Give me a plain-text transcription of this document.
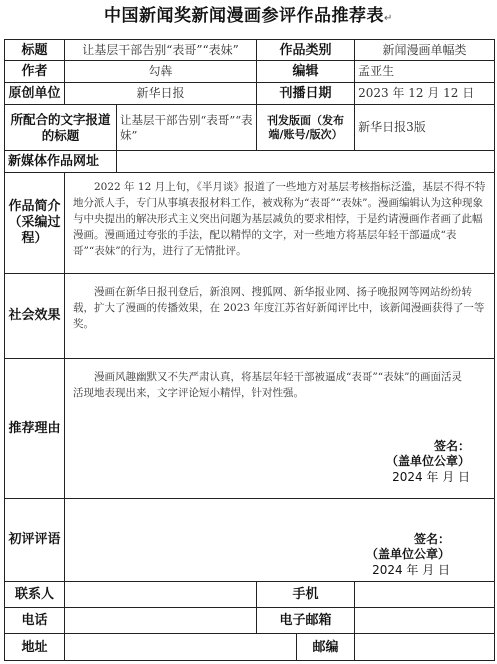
中国新闻奖新闻漫画参评作品推荐表↵
标题	让基层干部告别“表哥”“表妹”		作品类别		新闻漫画单幅类
作者	勾犇		编辑		孟亚生
原创单位	新华日报		刊播日期		2023 年 12 月 12 日
所配合的文字报道的标题		让基层干部告别“表哥”“表妹”	刊发版面（发布端/账号/版次）		新华日报3版
新媒体作品网址					
作品简介（采编过程）	2022 年 12 月上旬，《半月谈》报道了一些地方对基层考核指标泛滥，基层不得不特地分派人手，专门从事填表报材料工作，被戏称为“表哥”“表妹”。漫画编辑认为这种现象与中央提出的解决形式主义突出问题为基层减负的要求相悖，于是约请漫画作者画了此幅漫画。漫画通过夸张的手法，配以精悍的文字，对一些地方将基层年轻干部逼成“表哥”“表妹”的行为，进行了无情批评。				

社会效果	漫画在新华日报刊登后，新浪网、搜狐网、新华报业网、扬子晚报网等网站纷纷转载，扩大了漫画的传播效果，在 2023 年度江苏省好新闻评比中，该新闻漫画获得了一等奖。				

推荐理由	漫画风趣幽默又不失严肃认真，将基层年轻干部被逼成“表哥”“表妹”的画面活灵活现地表现出来，文字评论短小精悍，针对性强。
签名：
（盖单位公章）
2024 年 月 日				

初评评语	签名：
（盖单位公章）
2024 年 月 日				

联系人			手机		
电话			电子邮箱		
地址				邮编	
